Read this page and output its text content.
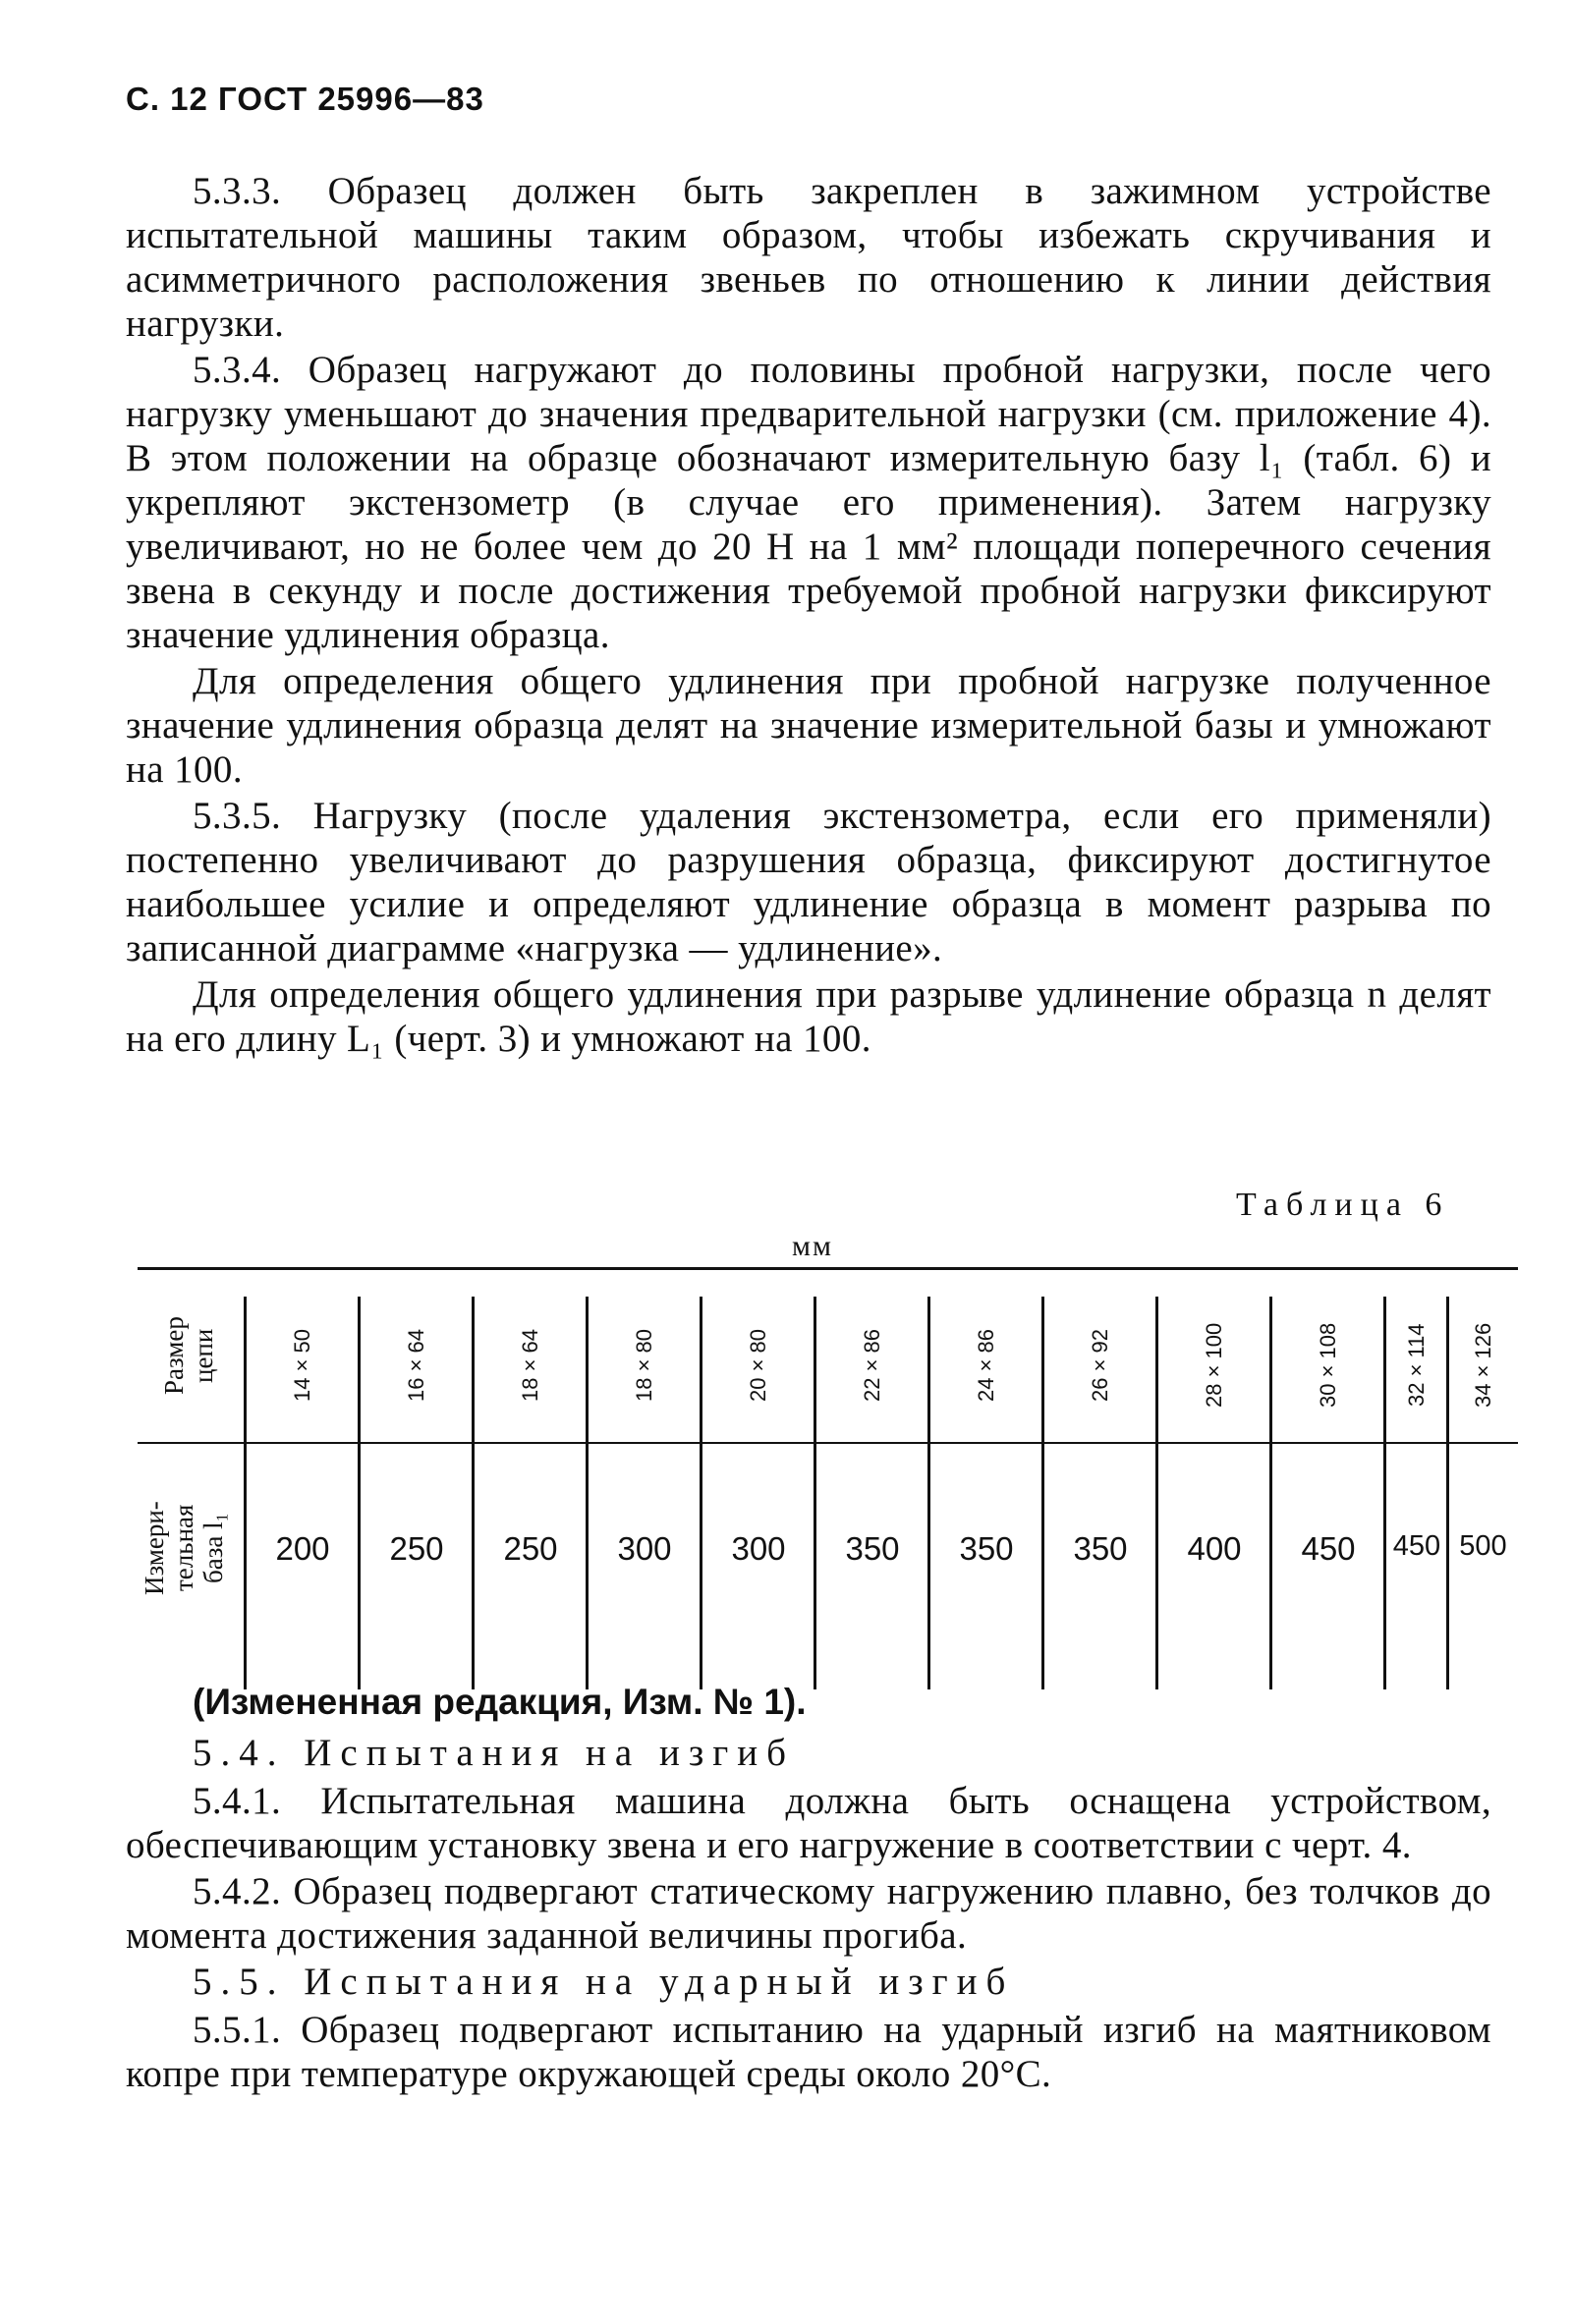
С. 12 ГОСТ 25996—83

5.3.3. Образец должен быть закреплен в зажимном устройстве испытательной машины таким образом, чтобы избежать скручивания и асимметричного расположения звеньев по отношению к линии действия нагрузки.

5.3.4. Образец нагружают до половины пробной нагрузки, после чего нагрузку уменьшают до значения предварительной нагрузки (см. приложение 4). В этом положении на образце обозначают измерительную базу l₁ (табл. 6) и укрепляют экстензометр (в случае его применения). Затем нагрузку увеличивают, но не более чем до 20 Н на 1 мм² площади поперечного сечения звена в секунду и после достижения требуемой пробной нагрузки фиксируют значение удлинения образца.

Для определения общего удлинения при пробной нагрузке полученное значение удлинения образца делят на значение измерительной базы и умножают на 100.

5.3.5. Нагрузку (после удаления экстензометра, если его применяли) постепенно увеличивают до разрушения образца, фиксируют достигнутое наибольшее усилие и определяют удлинение образца в момент разрыва по записанной диаграмме «нагрузка — удлинение».

Для определения общего удлинения при разрыве удлинение образца n делят на его длину L₁ (черт. 3) и умножают на 100.

Таблица 6
мм
Размер
цепи
Измери-
тельная
база l₁
14×50
200
16×64
250
18×64
250
18×80
300
20×80
300
22×86
350
24×86
350
26×92
350
28×100
400
30×108
450
32×114
450
34×126
500

(Измененная редакция, Изм. № 1).

5.4. Испытания на изгиб

5.4.1. Испытательная машина должна быть оснащена устройством, обеспечивающим установку звена и его нагружение в соответствии с черт. 4.

5.4.2. Образец подвергают статическому нагружению плавно, без толчков до момента достижения заданной величины прогиба.

5.5. Испытания на ударный изгиб

5.5.1. Образец подвергают испытанию на ударный изгиб на маятниковом копре при температуре окружающей среды около 20°С.
